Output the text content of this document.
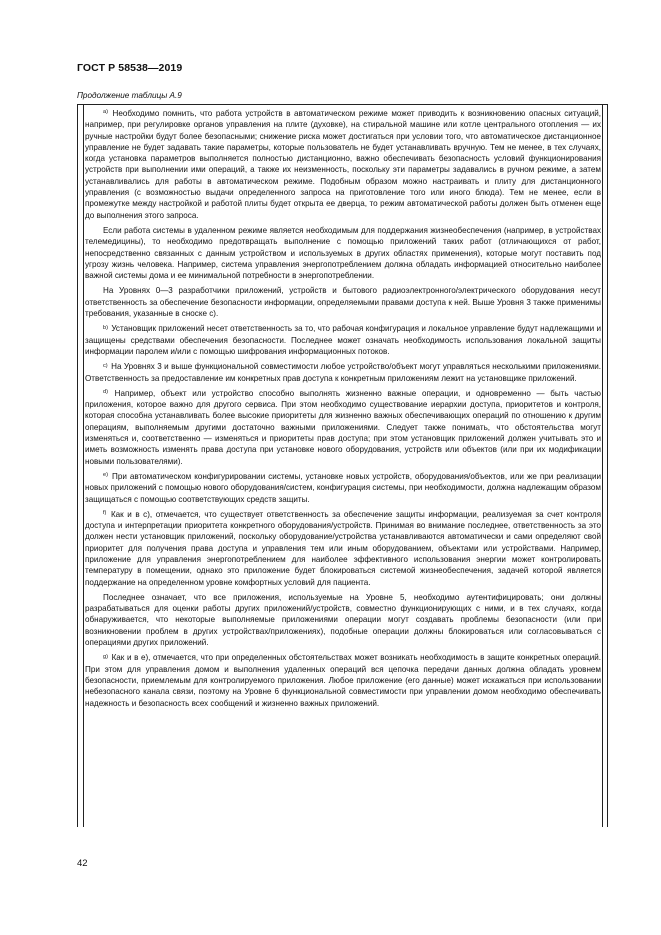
ГОСТ Р 58538—2019
Продолжение таблицы А.9

$^{a)}$ Необходимо помнить, что работа устройств в автоматическом режиме может приводить к возникновению опасных ситуаций, например, при регулировке органов управления на плите (духовке), на стиральной машине или котле центрального отопления — их ручные настройки будут более безопасными; снижение риска может достигаться при условии того, что автоматическое дистанционное управление не будет задавать такие параметры, которые пользователь не будет устанавливать вручную. Тем не менее, в тех случаях, когда установка параметров выполняется полностью дистанционно, важно обеспечивать безопасность условий функционирования устройств при выполнении ими операций, а также их неизменность, поскольку эти параметры задавались в ручном режиме, а затем устанавливались для работы в автоматическом режиме. Подобным образом можно настраивать и плиту для дистанционного управления (с возможностью выдачи определенного запроса на приготовление того или иного блюда). Тем не менее, если в промежутке между настройкой и работой плиты будет открыта ее дверца, то режим автоматической работы должен быть отменен еще до выполнения этого запроса.

Если работа системы в удаленном режиме является необходимым для поддержания жизнеобеспечения (например, в устройствах телемедицины), то необходимо предотвращать выполнение с помощью приложений таких работ (отличающихся от работ, непосредственно связанных с данным устройством и используемых в других областях применения), которые могут поставить под угрозу жизнь человека. Например, система управления энергопотреблением должна обладать информацией относительно наиболее важной системы дома и ее минимальной потребности в энергопотреблении.

На Уровнях 0—3 разработчики приложений, устройств и бытового радиоэлектронного/электрического оборудования несут ответственность за обеспечение безопасности информации, определяемыми правами доступа к ней. Выше Уровня 3 также применимы требования, указанные в сноске с).

$^{b)}$ Установщик приложений несет ответственность за то, что рабочая конфигурация и локальное управление будут надлежащими и защищены средствами обеспечения безопасности. Последнее может означать необходимость использования локальной защиты информации паролем и/или с помощью шифрования информационных потоков.

$^{c)}$ На Уровнях 3 и выше функциональной совместимости любое устройство/объект могут управляться несколькими приложениями. Ответственность за предоставление им конкретных прав доступа к конкретным приложениям лежит на установщике приложений.

$^{d)}$ Например, объект или устройство способно выполнять жизненно важные операции, и одновременно — быть частью приложения, которое важно для другого сервиса. При этом необходимо существование иерархии доступа, приоритетов и контроля, которая способна устанавливать более высокие приоритеты для жизненно важных обеспечивающих операций по отношению к другим операциям, выполняемым другими достаточно важными приложениями. Следует также понимать, что обстоятельства могут изменяться и, соответственно — изменяться и приоритеты прав доступа; при этом установщик приложений должен учитывать это и иметь возможность изменять права доступа при установке нового оборудования, устройств или объектов (или при их модификации новыми пользователями).

$^{e)}$ При автоматическом конфигурировании системы, установке новых устройств, оборудования/объектов, или же при реализации новых приложений с помощью нового оборудования/систем, конфигурация системы, при необходимости, должна надлежащим образом защищаться с помощью соответствующих средств защиты.

$^{f)}$ Как и в с), отмечается, что существует ответственность за обеспечение защиты информации, реализуемая за счет контроля доступа и интерпретации приоритета конкретного оборудования/устройств. Принимая во внимание последнее, ответственность за это должен нести установщик приложений, поскольку оборудование/устройства устанавливаются автоматически и сами определяют свой приоритет для получения права доступа и управления тем или иным оборудованием, объектами или устройствами. Например, приложение для управления энергопотреблением для наиболее эффективного использования энергии может контролировать температуру в помещении, однако это приложение будет блокироваться системой жизнеобеспечения, задачей которой является поддержание на определенном уровне комфортных условий для пациента.

Последнее означает, что все приложения, используемые на Уровне 5, необходимо аутентифицировать; они должны разрабатываться для оценки работы других приложений/устройств, совместно функционирующих с ними, и в тех случаях, когда обнаруживается, что некоторые выполняемые приложениями операции могут создавать проблемы безопасности (или при возникновении проблем в других устройствах/приложениях), подобные операции должны блокироваться или согласовываться с операциями других приложений.

$^{g)}$ Как и в е), отмечается, что при определенных обстоятельствах может возникать необходимость в защите конкретных операций. При этом для управления домом и выполнения удаленных операций вся цепочка передачи данных должна обладать уровнем безопасности, приемлемым для контролируемого приложения. Любое приложение (его данные) может искажаться при использовании небезопасного канала связи, поэтому на Уровне 6 функциональной совместимости при управлении домом необходимо обеспечивать надежность и безопасность всех сообщений и жизненно важных приложений.

42
